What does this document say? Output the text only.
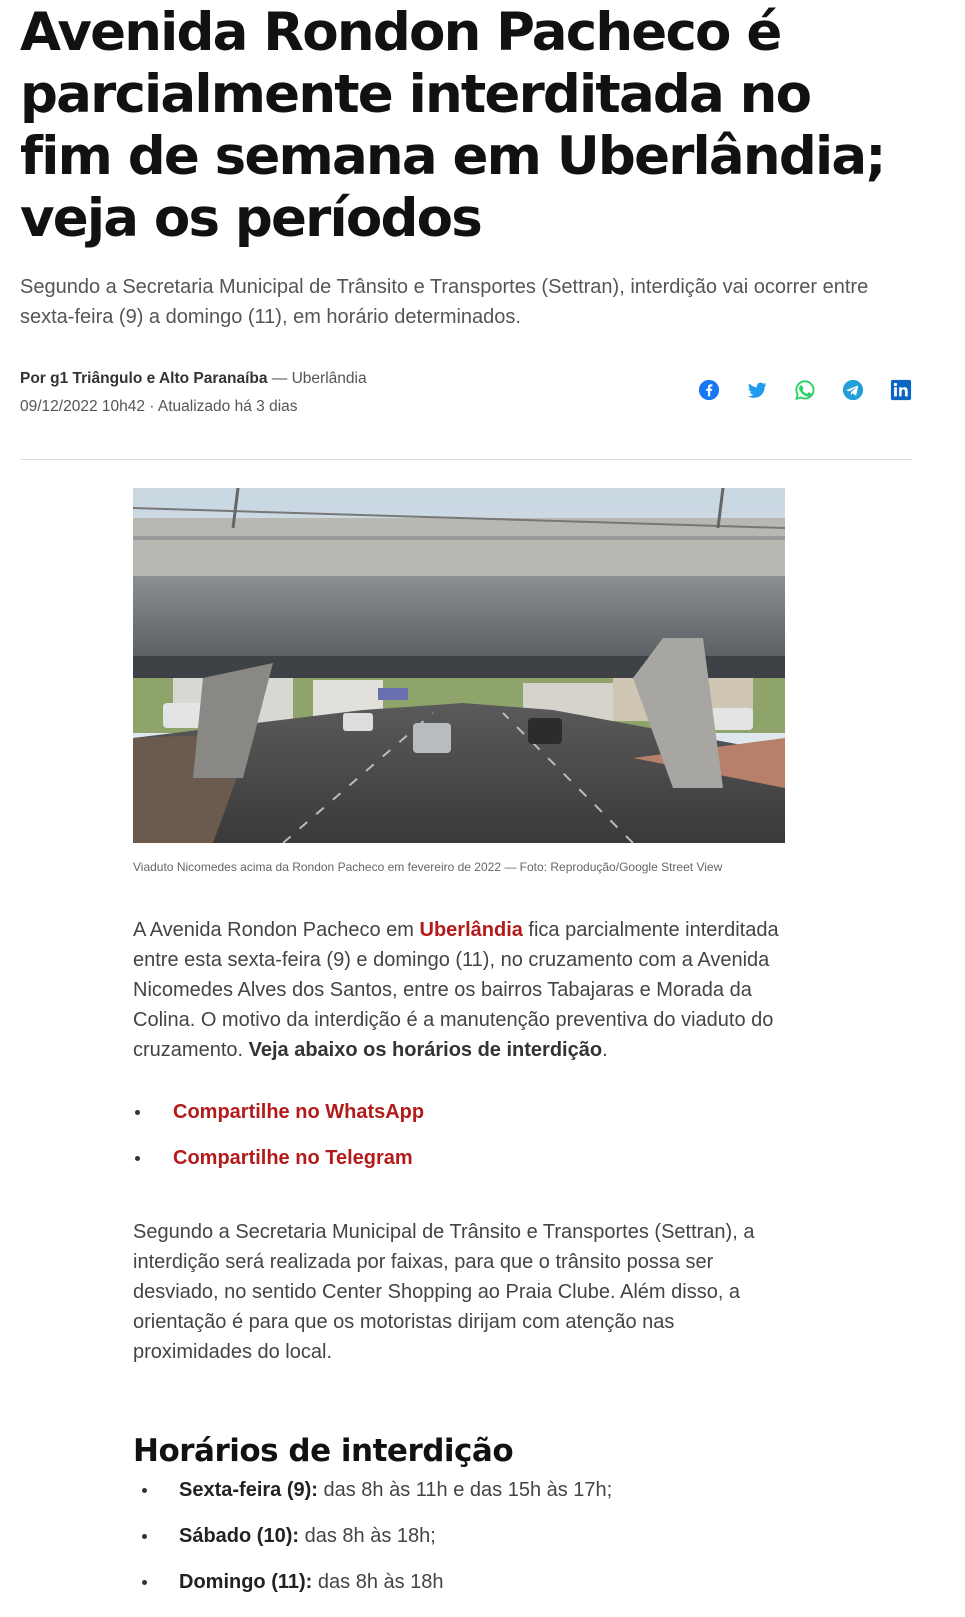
Avenida Rondon Pacheco é parcialmente interditada no fim de semana em Uberlândia; veja os períodos
Segundo a Secretaria Municipal de Trânsito e Transportes (Settran), interdição vai ocorrer entre sexta-feira (9) a domingo (11), em horário determinados.
Por g1 Triângulo e Alto Paranaíba — Uberlândia
09/12/2022 10h42 · Atualizado há 3 dias
Viaduto Nicomedes acima da Rondon Pacheco em fevereiro de 2022 — Foto: Reprodução/Google Street View

A Avenida Rondon Pacheco em Uberlândia fica parcialmente interditada entre esta sexta-feira (9) e domingo (11), no cruzamento com a Avenida Nicomedes Alves dos Santos, entre os bairros Tabajaras e Morada da Colina. O motivo da interdição é a manutenção preventiva do viaduto do cruzamento. Veja abaixo os horários de interdição.

Compartilhe no WhatsApp
Compartilhe no Telegram

Segundo a Secretaria Municipal de Trânsito e Transportes (Settran), a interdição será realizada por faixas, para que o trânsito possa ser desviado, no sentido Center Shopping ao Praia Clube. Além disso, a orientação é para que os motoristas dirijam com atenção nas proximidades do local.

Horários de interdição
Sexta-feira (9): das 8h às 11h e das 15h às 17h;
Sábado (10): das 8h às 18h;
Domingo (11): das 8h às 18h
